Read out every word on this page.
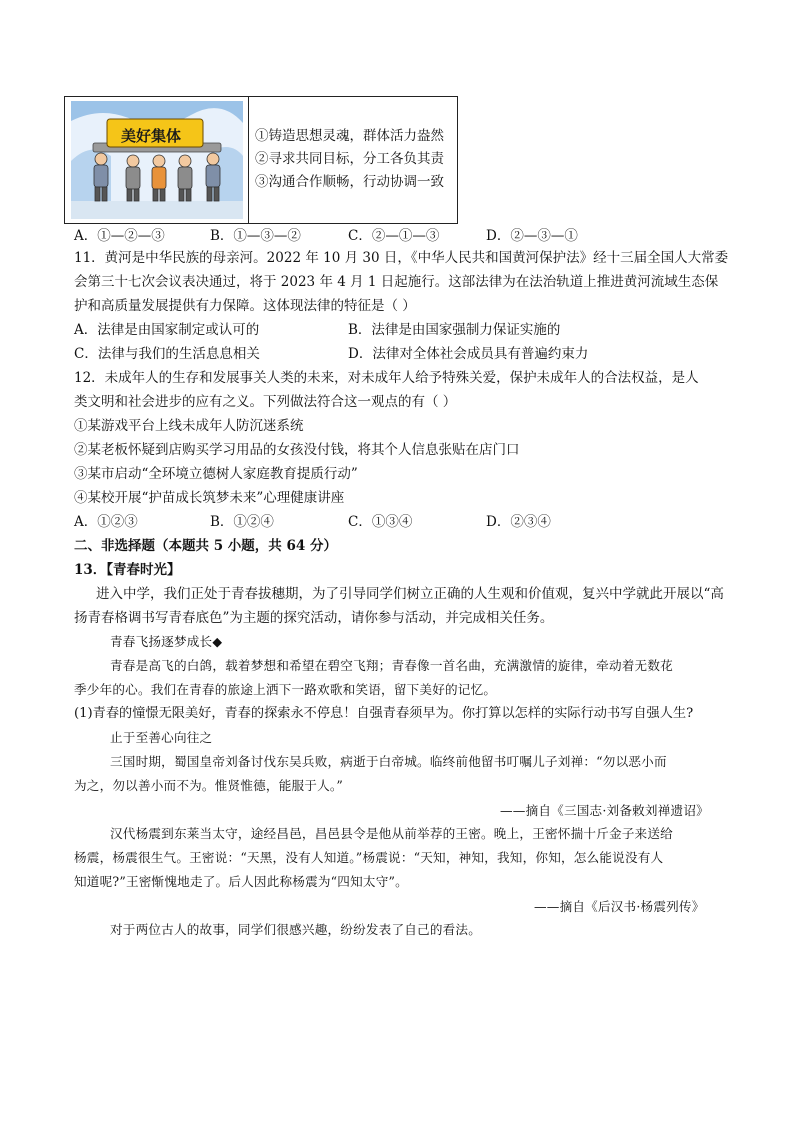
美好集体	①铸造思想灵魂，群体活力盎然
②寻求共同目标，分工各负其责
③沟通合作顺畅，行动协调一致
A．①—②—③	B．①—③—②	C．②—①—③	D．②—③—①
11．黄河是中华民族的母亲河。2022 年 10 月 30 日，《中华人民共和国黄河保护法》经十三届全国人大常委
会第三十七次会议表决通过，将于 2023 年 4 月 1 日起施行。这部法律为在法治轨道上推进黄河流域生态保
护和高质量发展提供有力保障。这体现法律的特征是（ ）
A．法律是由国家制定或认可的	B．法律是由国家强制力保证实施的
C．法律与我们的生活息息相关	D．法律对全体社会成员具有普遍约束力
12．未成年人的生存和发展事关人类的未来，对未成年人给予特殊关爱，保护未成年人的合法权益，是人
类文明和社会进步的应有之义。下列做法符合这一观点的有（ ）
①某游戏平台上线未成年人防沉迷系统
②某老板怀疑到店购买学习用品的女孩没付钱，将其个人信息张贴在店门口
③某市启动“全环境立德树人家庭教育提质行动”
④某校开展“护苗成长筑梦未来”心理健康讲座
A．①②③	B．①②④	C．①③④	D．②③④
二、非选择题（本题共 5 小题，共 64 分）
13．【青春时光】
进入中学，我们正处于青春拔穗期，为了引导同学们树立正确的人生观和价值观，复兴中学就此开展以“高
扬青春格调书写青春底色”为主题的探究活动，请你参与活动，并完成相关任务。
青春飞扬逐梦成长◆
青春是高飞的白鸽，载着梦想和希望在碧空飞翔；青春像一首名曲，充满激情的旋律，牵动着无数花
季少年的心。我们在青春的旅途上洒下一路欢歌和笑语，留下美好的记忆。
(1)青春的憧憬无限美好，青春的探索永不停息！自强青春须早为。你打算以怎样的实际行动书写自强人生?
止于至善心向往之
三国时期，蜀国皇帝刘备讨伐东吴兵败，病逝于白帝城。临终前他留书叮嘱儿子刘禅：“勿以恶小而
为之，勿以善小而不为。惟贤惟德，能服于人。”
——摘自《三国志·刘备敕刘禅遗诏》
汉代杨震到东莱当太守，途经昌邑，昌邑县令是他从前举荐的王密。晚上，王密怀揣十斤金子来送给
杨震，杨震很生气。王密说：“天黑，没有人知道。”杨震说：“天知，神知，我知，你知，怎么能说没有人
知道呢?”王密惭愧地走了。后人因此称杨震为“四知太守”。
——摘自《后汉书·杨震列传》
对于两位古人的故事，同学们很感兴趣，纷纷发表了自己的看法。
